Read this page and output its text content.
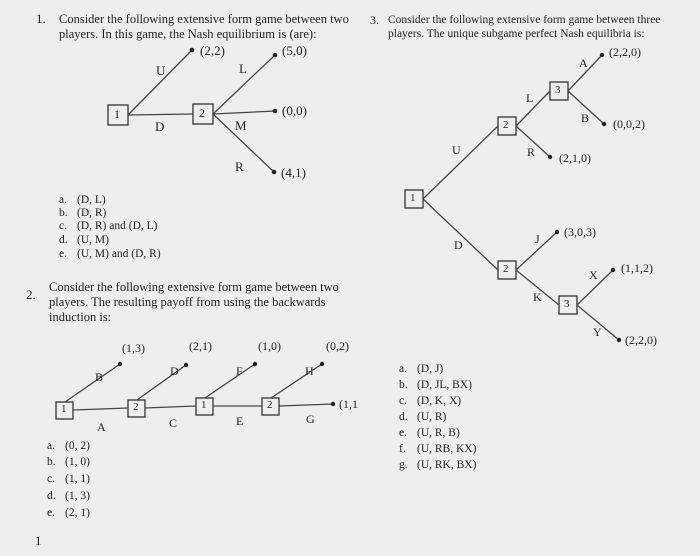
1. Consider the following extensive form game between two
players. In this game, the Nash equilibrium is (are):
1	2
U
D
L
M
R
(2,2)	(5,0)
(0,0)
(4,1)
a. (D, L)
b. (D, R)
c. (D, R) and (D, L)
d. (U, M)
e. (U, M) and (D, R)
2. Consider the following extensive form game between two
players. The resulting payoff from using the backwards
induction is:
1	2	1	2
B	D	F	H
A	C	E	G
(1,3)	(2,1)	(1,0)	(0,2)
(1,1
a. (0, 2)
b. (1, 0)
c. (1, 1)
d. (1, 3)
e. (2, 1)
1
3. Consider the following extensive form game between three
players. The unique subgame perfect Nash equilibria is:
1
2
3
2
3
U
D
L
R
A
B
J
K
X
Y
(2,2,0)
(0,0,2)
(2,1,0)
(3,0,3)
(1,1,2)
(2,2,0)
a. (D, J)
b. (D, JL, BX)
c. (D, K, X)
d. (U, R)
e. (U, R, B)
f. (U, RB, KX)
g. (U, RK, BX)
